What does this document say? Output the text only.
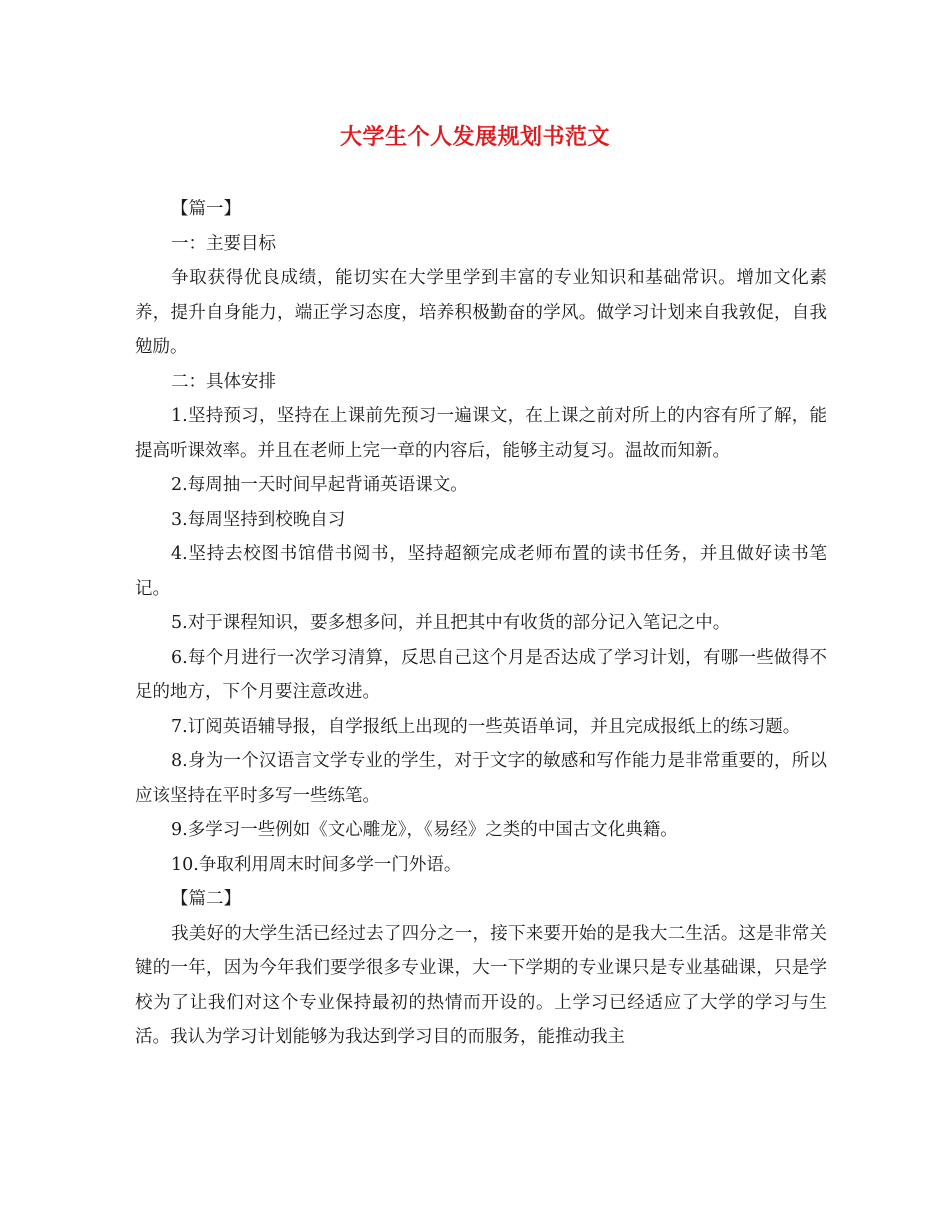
大学生个人发展规划书范文

【篇一】

一：主要目标

争取获得优良成绩，能切实在大学里学到丰富的专业知识和基础常识。增加文化素养，提升自身能力，端正学习态度，培养积极勤奋的学风。做学习计划来自我敦促，自我勉励。

二：具体安排

1.坚持预习，坚持在上课前先预习一遍课文，在上课之前对所上的内容有所了解，能提高听课效率。并且在老师上完一章的内容后，能够主动复习。温故而知新。

2.每周抽一天时间早起背诵英语课文。

3.每周坚持到校晚自习

4.坚持去校图书馆借书阅书，坚持超额完成老师布置的读书任务，并且做好读书笔记。

5.对于课程知识，要多想多问，并且把其中有收货的部分记入笔记之中。

6.每个月进行一次学习清算，反思自己这个月是否达成了学习计划，有哪一些做得不足的地方，下个月要注意改进。

7.订阅英语辅导报，自学报纸上出现的一些英语单词，并且完成报纸上的练习题。

8.身为一个汉语言文学专业的学生，对于文字的敏感和写作能力是非常重要的，所以应该坚持在平时多写一些练笔。

9.多学习一些例如《文心雕龙》，《易经》之类的中国古文化典籍。

10.争取利用周末时间多学一门外语。

【篇二】

我美好的大学生活已经过去了四分之一，接下来要开始的是我大二生活。这是非常关键的一年，因为今年我们要学很多专业课，大一下学期的专业课只是专业基础课，只是学校为了让我们对这个专业保持最初的热情而开设的。上学习已经适应了大学的学习与生活。我认为学习计划能够为我达到学习目的而服务，能推动我主
